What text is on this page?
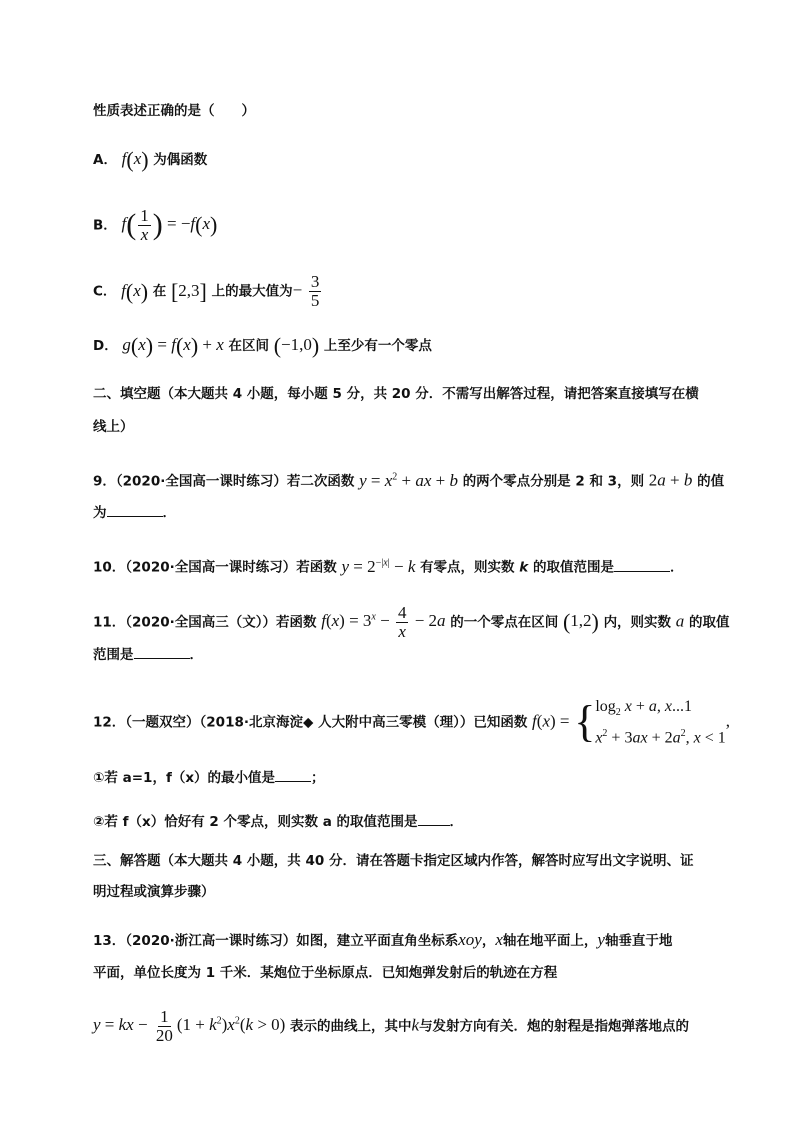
性质表述正确的是（　　）
A． f(x) 为偶函数
B． $f( \frac{1}{x}$ ) = −f(x)
C． f(x) 在 [2,3] 上的最大值为− $\frac{3}{5}$
D． g(x) = f(x) + x 在区间 (−1,0) 上至少有一个零点
二、填空题（本大题共 4 小题，每小题 5 分，共 20 分．不需写出解答过程，请把答案直接填写在横
线上）
9．（2020·全国高一课时练习）若二次函数 $y = x^2$ + ax + b 的两个零点分别是 2 和 3，则 2a + b 的值
为	．
10．（2020·全国高一课时练习）若函数 $y = 2^{-|x|} - k$ 有零点，则实数 k 的取值范围是	．
11．（2020·全国高三（文））若函数 $f(x) = 3^x - \frac{4}{x} - 2a$ 的一个零点在区间 (1,2) 内，则实数 a 的取值
范围是	．
12．（一题双空）（2018·北京海淀◆ 人大附中高三零模（理））已知函数 f(x) = { $\log_2 x + a$, x...1
$x^2 + 3ax + 2a^2$, x < 1
,
①若 a=1，f（x）的最小值是	；
②若 f（x）恰好有 2 个零点，则实数 a 的取值范围是 ．
三、解答题（本大题共 4 小题，共 40 分．请在答题卡指定区域内作答，解答时应写出文字说明、证
明过程或演算步骤）
13．（2020·浙江高一课时练习）如图，建立平面直角坐标系xoy，x轴在地平面上，y轴垂直于地
平面，单位长度为 1 千米．某炮位于坐标原点．已知炮弹发射后的轨迹在方程
y = kx − $\frac{1}{20} (1 + k^2)x^2(k > 0)$ 表示的曲线上，其中k与发射方向有关．炮的射程是指炮弹落地点的
